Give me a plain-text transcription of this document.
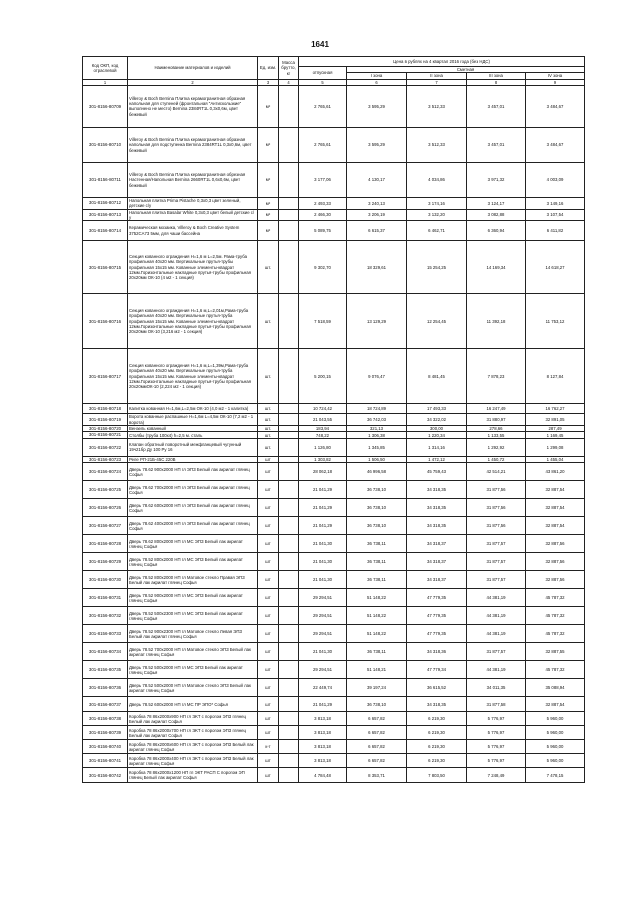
1641
Код ОКП, код отраслевой	Наименование материалов и изделий	Ед. изм.	Масса брутто, кг	Цена в рублях на 4 квартал 2016 года (без НДС)				
				отпускная	Сметная			
					I зона	II зона	III зона	IV зона
1	2	3	4	5	6	7	8	9
301-8156-80709	Villeroy & Boch Bernina Плитка керамогранитная образная напольная для ступеней (фронтальная "Антискользкие" выполнено не место) Bernina 2384RT1L 0,3х0,6м, цвет бежевый	м²		2 765,61	3 595,29	3 512,33	3 457,01	3 484,67
301-8156-80710	Villeroy & Boch Bernina Плитка керамогранитная образная напольная для подступенка Bernina 2384RT1L 0,3х0,6м, цвет бежевый	м²		2 765,61	3 595,29	3 512,33	3 457,01	3 484,67
301-8156-80711	Villeroy & Boch Bernina Плитка керамогранитная обрезная Настенная/Напольная Bernina 2660RT1L 0,6х0,6м, цвет бежевый	м²		3 177,06	4 130,17	4 034,86	3 971,32	4 003,09
301-8156-80712	Напольная плитка Prima Pistache 0,3х0,3 цвет зеленый, детские с/у	м²		2 493,33	3 240,13	3 174,16	3 124,17	3 149,16
301-8156-80713	Напольная плитка Basalar White 0,3х0,3 цвет белый детские с/у	м²		2 466,30	3 206,19	3 132,20	3 082,88	3 107,54
301-8156-80714	Керамическая мозаика, Villeroy & Boch Creative System 3752CA73 5мм, для чаши бассейна	м²		5 089,75	6 615,37	6 462,71	6 360,94	6 411,82
301-8156-80715	Секция кованного ограждения Н=1,6 м L=2,5м. Рама-труба профильная 40х20 мм. Вертикальные прутья-трубы профильная 15х15 мм. Кованные элементы-квадрат 12мм.Горизонтальные накладные прутья-трубы профильная 20х20мм ОК-10 (4 м2 - 1 секция)	шт.		9 302,70	18 329,61	15 254,25	14 169,34	14 618,27
301-8156-80716	Секция кованного ограждения Н=1,6 м,L=2,01м,Рама-труба профильная 40х20 мм. Вертикальные прутья-труба профильная 15х15 мм. Кованные элементы-квадрат 12мм.Горизонтальные накладные прутья-трубы профильная 20х20мм ОК-10 (3,216 м2 - 1 секция)	шт.		7 518,59	13 129,29	12 254,45	11 392,18	11 753,12
301-8156-80717	Секция кованного ограждения Н=1,6 м,L=1,39м,Рама-труба профильная 40х20 мм. Вертикальные прутья-труба профильная 15х15 мм. Кованные элементы-квадрат 12мм.Горизонтальные накладные прутья-трубы профильная 20х20ммОК-10 (2,224 м2 - 1 секция)	шт.		5 200,15	9 076,47	8 481,45	7 878,23	8 127,84
301-8156-80718	Калитка кованная Н=1,6м,L=2,5м ОК-10 (4,0 м2 - 1 калитка)	шт.		10 724,42	18 724,89	17 493,33	16 247,49	16 762,27
301-8156-80719	Ворота кованные распашные Н=1,6м L=4,5м ОК-10 (7,2 м2 - 1 ворота)	шт.		21 043,55	36 742,03	34 322,02	31 880,97	32 891,05
301-8156-80720	Вензель кованный	шт.		183,94	321,13	300,00	278,66	287,49
301-8156-80721	Столбы (труба 100х4) h=2,5 м. сталь	шт.		748,22	1 306,38	1 220,34	1 133,55	1 169,45
301-8156-80722	Клапан обратный поворотный межфланцевый чугунный 19ч21бр Ду 100 Ру 16	шт.		1 126,80	1 345,85	1 314,16	1 292,92	1 299,08
301-8156-80723	Реле РП-21Б-45С 220В	шт		1 303,82	1 506,50	1 472,12	1 450,72	1 455,04
301-8156-80724	Дверь 78.62 900х2000 НП гл ЭПЗ Белый лак акрилат глянец Софья	шт		28 062,18	46 996,58	45 759,43	42 514,21	43 861,20
301-8156-80725	Дверь 78.62 700х2000 НП гл ЭПЗ Белый лак акрилат глянец Софья	шт		21 041,29	36 738,10	34 318,35	31 877,56	32 887,54
301-8156-80726	Дверь 78.62 600х2000 НП гл ЭПЗ Белый лак акрилат глянец Софья	шт		21 041,29	36 738,10	34 318,35	31 877,56	32 887,54
301-8156-80727	Дверь 78.62 400х2000 НП гл ЭПЗ Белый лак акрилат глянец Софья	шт		21 041,29	36 738,10	34 318,35	31 877,56	32 887,54
301-8156-80728	Дверь 78.62 800х2000 НП гл МС ЭПЗ Белый лак акрилат глянец Софья	шт		21 041,30	36 738,11	34 318,37	31 877,57	32 887,56
301-8156-80729	Дверь 78.52 800х2000 НП гл МС ЭПЗ Белый лак акрилат глянец Софья	шт		21 041,30	36 738,11	34 318,37	31 877,57	32 887,56
301-8156-80730	Дверь 78.52 800х2000 НП гл Матовое стекло Правая ЭПЗ Белый лак акрилат глянец Софья	шт		21 041,30	36 738,11	34 318,37	31 877,57	32 887,56
301-8156-80731	Дверь 78.52 900х2000 НП гл МС ЭПЗ Белый лак акрилат глянец Софья	шт		29 294,51	51 148,22	47 779,35	44 381,19	45 787,32
301-8156-80732	Дверь 78.52 500х2300 НП гл МС ЭПЗ Белый лак акрилат глянец Софья	шт		29 294,51	51 148,22	47 779,35	44 381,19	45 787,32
301-8156-80733	Дверь 78.52 900х2300 НП гл Матовое стекло Левая ЭПЗ Белый лак акрилат глянец Софья	шт		29 294,51	51 148,22	47 779,35	44 381,19	45 787,32
301-8156-80734	Дверь 78.52 700х2000 НП гл Матовое стекло ЭПЗ Белый лак акрилат глянец Софья	шт		21 041,30	36 738,11	34 318,36	31 877,57	32 887,55
301-8156-80735	Дверь 78.52 500х2000 НП гл МС ЭПЗ Белый лак акрилат глянец Софья	шт		29 294,51	51 148,21	47 779,34	44 381,19	45 787,32
301-8156-80736	Дверь 78.52 500х2000 НП гл Матовое стекло ЭПЗ Белый лак акрилат глянец Софья	шт		22 449,74	39 197,24	36 615,52	34 011,35	35 088,94
301-8156-80737	Дверь 78.52 600х2000 НП гл МС ПР ЭПО* Софья	шт		21 041,29	36 738,10	34 318,35	31 877,58	32 887,54
301-8156-80738	Коробка 78 86х2000х900 НП гл ЭКТ с порогом ЭПЗ глянец Белый лак акрилат Софья	шт		3 813,18	6 657,82	6 219,30	5 776,97	5 960,00
301-8156-80739	Коробка 78 86х2000х700 НП гл ЭКТ с порогом ЭПЗ глянец Белый лак акрилат Софья	шт		3 813,18	6 657,82	6 219,30	5 776,97	5 960,00
301-8156-80740	Коробка 78 86х2000х600 НП гл ЭКТ с порогом ЭПЗ Белый лак акрилат глянец Софья	к-т		3 813,18	6 657,82	6 219,30	5 776,97	5 960,00
301-8156-80741	Коробка 78 86х2000х400 НП гл ЭКТ с порогом ЭПЗ Белый лак акрилат глянец Софья	шт		3 813,18	6 657,82	6 219,30	5 776,97	5 960,00
301-8156-80742	Коробка 78 86х2000х1200 НП гл ЭКТ РАСП С порогом ЭП глянец Белый лак акрилат Софья	шт		4 784,48	8 353,71	7 803,50	7 248,49	7 478,15
